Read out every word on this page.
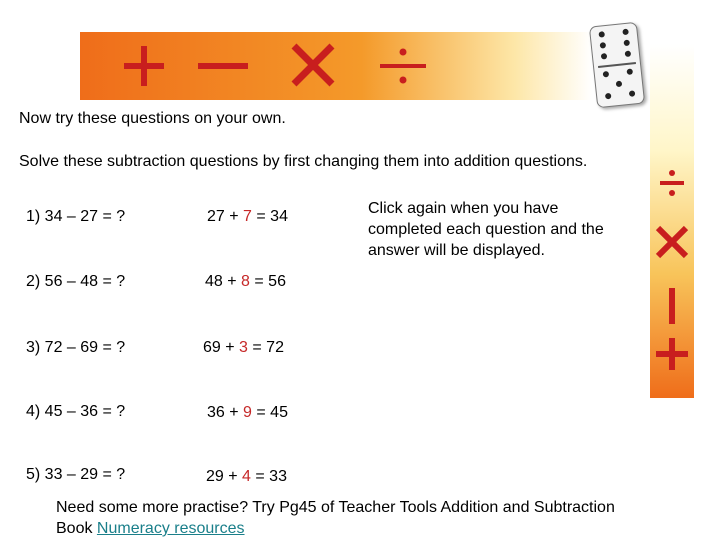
Now try these questions on your own.
Solve these subtraction questions by first changing them into addition questions.
Click again when you have completed each question and the answer will be displayed.
1) 34 – 27 = ?	27 + 7 = 34
2) 56 – 48 = ?	48 + 8 = 56
3) 72 – 69 = ?	69 + 3 = 72
4) 45 – 36 = ?	36 + 9 = 45
5) 33 – 29 = ?	29 + 4 = 33
Need some more practise? Try Pg45 of Teacher Tools Addition and Subtraction Book Numeracy resources
